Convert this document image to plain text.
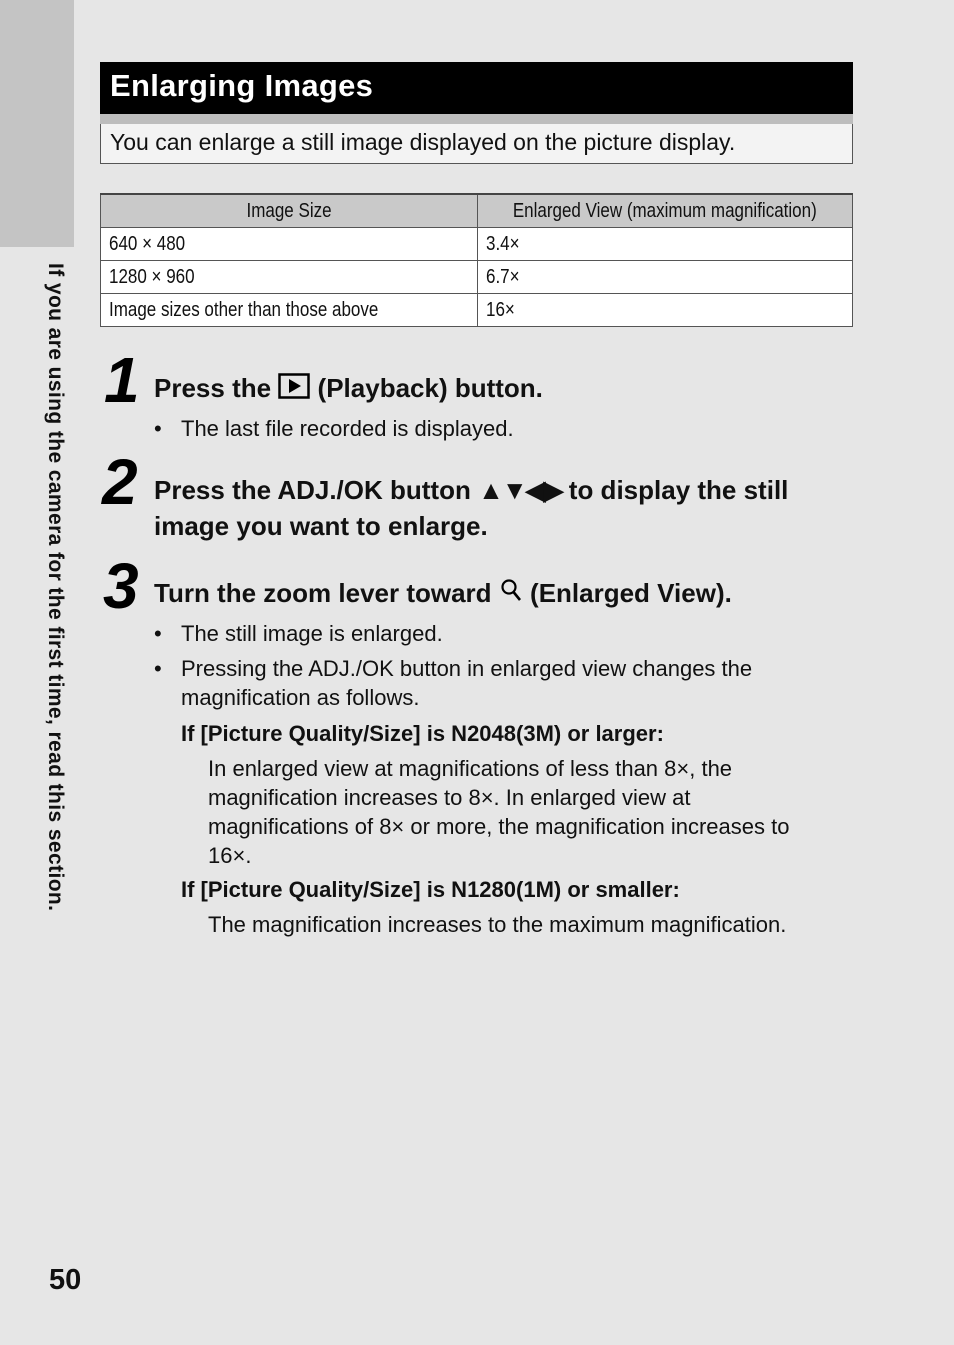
If you are using the camera for the first time, read this section.
Enlarging Images
You can enlarge a still image displayed on the picture display.
Image Size	Enlarged View (maximum magnification)
640 × 480	3.4×
1280 × 960	6.7×
Image sizes other than those above	16×
1 Press the (Playback) button.
• The last file recorded is displayed.
2 Press the ADJ./OK button ▲▼◀▶ to display the still
image you want to enlarge.
3 Turn the zoom lever toward (Enlarged View).
• The still image is enlarged.
• Pressing the ADJ./OK button in enlarged view changes the
magnification as follows.
If [Picture Quality/Size] is N2048(3M) or larger:
In enlarged view at magnifications of less than 8×, the
magnification increases to 8×. In enlarged view at
magnifications of 8× or more, the magnification increases to
16×.
If [Picture Quality/Size] is N1280(1M) or smaller:
The magnification increases to the maximum magnification.
50
